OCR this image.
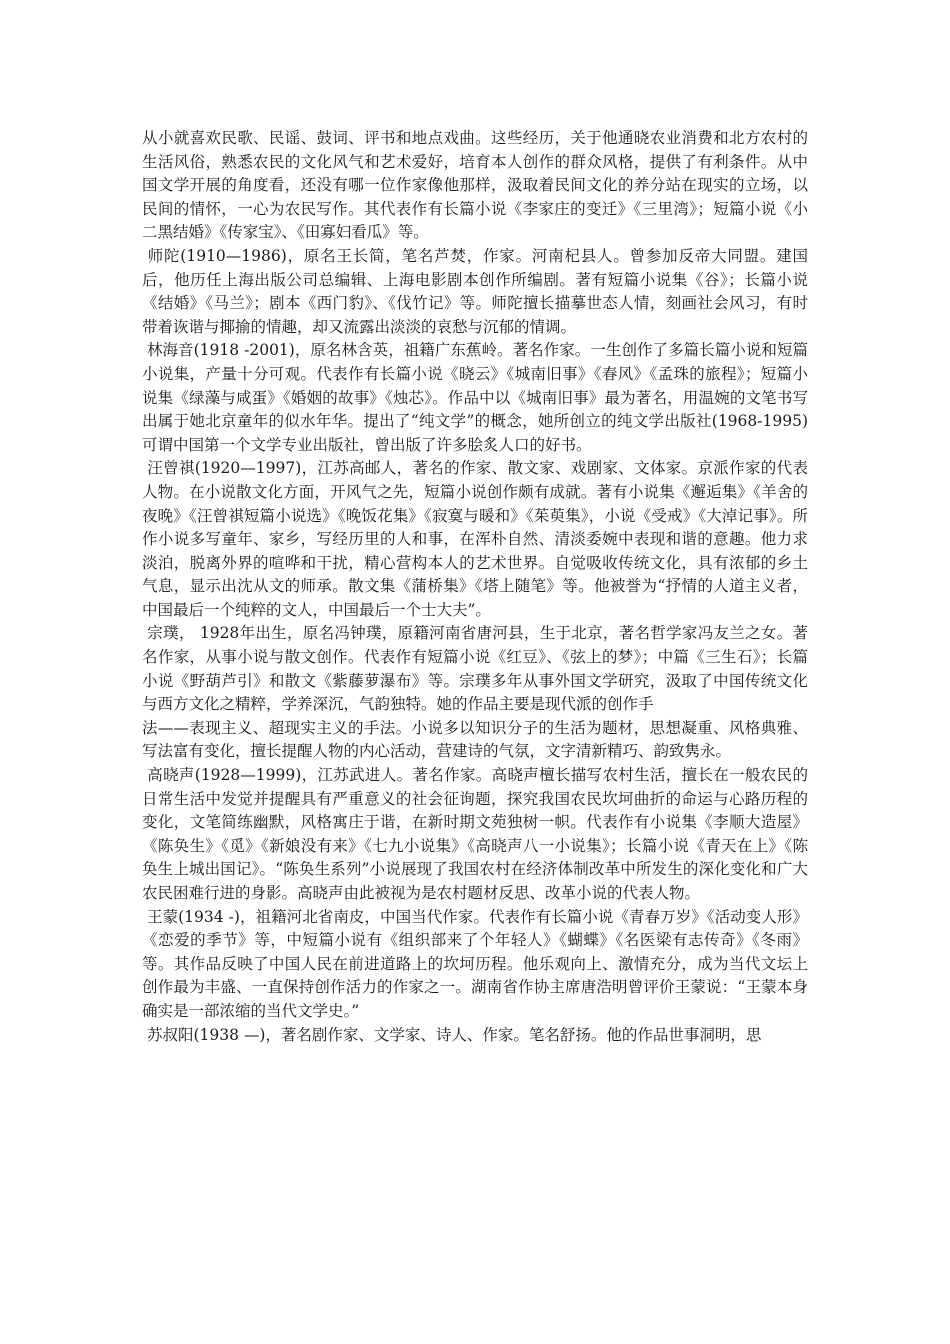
从小就喜欢民歌、民谣、鼓词、评书和地点戏曲。这些经历，关于他通晓农业消费和北方农村的生活风俗，熟悉农民的文化风气和艺术爱好，培育本人创作的群众风格，提供了有利条件。从中国文学开展的角度看，还没有哪一位作家像他那样，汲取着民间文化的养分站在现实的立场，以民间的情怀，一心为农民写作。其代表作有长篇小说《李家庄的变迁》《三里湾》；短篇小说《小二黑结婚》《传家宝》、《田寡妇看瓜》等。

师陀(1910—1986)，原名王长简，笔名芦焚，作家。河南杞县人。曾参加反帝大同盟。建国后，他历任上海出版公司总编辑、上海电影剧本创作所编剧。著有短篇小说集《谷》；长篇小说《结婚》《马兰》；剧本《西门豹》、《伐竹记》等。师陀擅长描摹世态人情，刻画社会风习，有时带着诙谐与揶揄的情趣，却又流露出淡淡的哀愁与沉郁的情调。

林海音(1918 -2001)，原名林含英，祖籍广东蕉岭。著名作家。一生创作了多篇长篇小说和短篇小说集，产量十分可观。代表作有长篇小说《晓云》《城南旧事》《春风》《孟珠的旅程》；短篇小说集《绿藻与咸蛋》《婚姻的故事》《烛芯》。作品中以《城南旧事》最为著名，用温婉的文笔书写出属于她北京童年的似水年华。提出了“纯文学”的概念，她所创立的纯文学出版社(1968-1995)可谓中国第一个文学专业出版社，曾出版了许多脍炙人口的好书。

汪曾祺(1920—1997)，江苏高邮人，著名的作家、散文家、戏剧家、文体家。京派作家的代表人物。在小说散文化方面，开风气之先，短篇小说创作颇有成就。著有小说集《邂逅集》《羊舍的夜晚》《汪曾祺短篇小说选》《晚饭花集》《寂寞与暖和》《茱萸集》，小说《受戒》《大淖记事》。所作小说多写童年、家乡，写经历里的人和事，在浑朴自然、清淡委婉中表现和谐的意趣。他力求淡泊，脱离外界的喧哗和干扰，精心营构本人的艺术世界。自觉吸收传统文化，具有浓郁的乡土气息，显示出沈从文的师承。散文集《蒲桥集》《塔上随笔》等。他被誉为“抒情的人道主义者，中国最后一个纯粹的文人，中国最后一个士大夫”。

宗璞， 1928年出生，原名冯钟璞，原籍河南省唐河县，生于北京，著名哲学家冯友兰之女。著名作家，从事小说与散文创作。代表作有短篇小说《红豆》、《弦上的梦》；中篇《三生石》；长篇小说《野葫芦引》和散文《紫藤萝瀑布》等。宗璞多年从事外国文学研究，汲取了中国传统文化与西方文化之精粹，学养深沉，气韵独特。她的作品主要是现代派的创作手

法——表现主义、超现实主义的手法。小说多以知识分子的生活为题材，思想凝重、风格典雅、写法富有变化，擅长提醒人物的内心活动，营建诗的气氛，文字清新精巧、韵致隽永。

高晓声(1928—1999)，江苏武进人。著名作家。高晓声檀长描写农村生活，擅长在一般农民的日常生活中发觉并提醒具有严重意义的社会征询题，探究我国农民坎坷曲折的命运与心路历程的变化，文笔简练幽默，风格寓庄于谐，在新时期文苑独树一帜。代表作有小说集《李顺大造屋》《陈奂生》《觅》《新娘没有来》《七九小说集》《高晓声八一小说集》；长篇小说《青天在上》《陈奂生上城出国记》。“陈奂生系列”小说展现了我国农村在经济体制改革中所发生的深化变化和广大农民困难行进的身影。高晓声由此被视为是农村题材反思、改革小说的代表人物。

王蒙(1934 -)，祖籍河北省南皮，中国当代作家。代表作有长篇小说《青春万岁》《活动变人形》《恋爱的季节》等，中短篇小说有《组织部来了个年轻人》《蝴蝶》《名医梁有志传奇》《冬雨》等。其作品反映了中国人民在前进道路上的坎坷历程。他乐观向上、激情充分，成为当代文坛上创作最为丰盛、一直保持创作活力的作家之一。湖南省作协主席唐浩明曾评价王蒙说：“王蒙本身确实是一部浓缩的当代文学史。”

苏叔阳(1938 —)，著名剧作家、文学家、诗人、作家。笔名舒扬。他的作品世事洞明，思
